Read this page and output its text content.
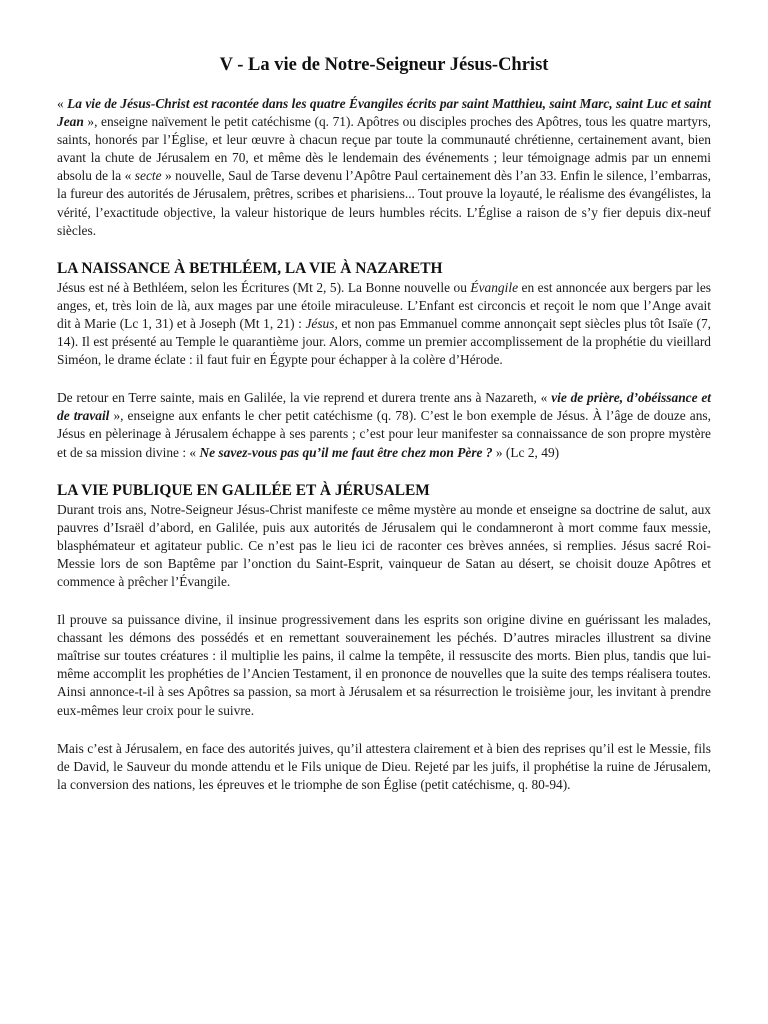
V - La vie de Notre-Seigneur Jésus-Christ

« La vie de Jésus-Christ est racontée dans les quatre Évangiles écrits par saint Matthieu, saint Marc, saint Luc et saint Jean », enseigne naïvement le petit catéchisme (q. 71). Apôtres ou disciples proches des Apôtres, tous les quatre martyrs, saints, honorés par l’Église, et leur œuvre à chacun reçue par toute la communauté chrétienne, certainement avant, bien avant la chute de Jérusalem en 70, et même dès le lendemain des événements ; leur témoignage admis par un ennemi absolu de la « secte » nouvelle, Saul de Tarse devenu l’Apôtre Paul certainement dès l’an 33. Enfin le silence, l’embarras, la fureur des autorités de Jérusalem, prêtres, scribes et pharisiens... Tout prouve la loyauté, le réalisme des évangélistes, la vérité, l’exactitude objective, la valeur historique de leurs humbles récits. L’Église a raison de s’y fier depuis dix-neuf siècles.

LA NAISSANCE À BETHLÉEM, LA VIE À NAZARETH

Jésus est né à Bethléem, selon les Écritures (Mt 2, 5). La Bonne nouvelle ou Évangile en est annoncée aux bergers par les anges, et, très loin de là, aux mages par une étoile miraculeuse. L’Enfant est circoncis et reçoit le nom que l’Ange avait dit à Marie (Lc 1, 31) et à Joseph (Mt 1, 21) : Jésus, et non pas Emmanuel comme annonçait sept siècles plus tôt Isaïe (7, 14). Il est présenté au Temple le quarantième jour. Alors, comme un premier accomplissement de la prophétie du vieillard Siméon, le drame éclate : il faut fuir en Égypte pour échapper à la colère d’Hérode.

De retour en Terre sainte, mais en Galilée, la vie reprend et durera trente ans à Nazareth, « vie de prière, d’obéissance et de travail », enseigne aux enfants le cher petit catéchisme (q. 78). C’est le bon exemple de Jésus. À l’âge de douze ans, Jésus en pèlerinage à Jérusalem échappe à ses parents ; c’est pour leur manifester sa connaissance de son propre mystère et de sa mission divine : « Ne savez-vous pas qu’il me faut être chez mon Père ? » (Lc 2, 49)

LA VIE PUBLIQUE EN GALILÉE ET À JÉRUSALEM

Durant trois ans, Notre-Seigneur Jésus-Christ manifeste ce même mystère au monde et enseigne sa doctrine de salut, aux pauvres d’Israël d’abord, en Galilée, puis aux autorités de Jérusalem qui le condamneront à mort comme faux messie, blasphémateur et agitateur public. Ce n’est pas le lieu ici de raconter ces brèves années, si remplies. Jésus sacré Roi-Messie lors de son Baptême par l’onction du Saint-Esprit, vainqueur de Satan au désert, se choisit douze Apôtres et commence à prêcher l’Évangile.

Il prouve sa puissance divine, il insinue progressivement dans les esprits son origine divine en guérissant les malades, chassant les démons des possédés et en remettant souverainement les péchés. D’autres miracles illustrent sa divine maîtrise sur toutes créatures : il multiplie les pains, il calme la tempête, il ressuscite des morts. Bien plus, tandis que lui-même accomplit les prophéties de l’Ancien Testament, il en prononce de nouvelles que la suite des temps réalisera toutes. Ainsi annonce-t-il à ses Apôtres sa passion, sa mort à Jérusalem et sa résurrection le troisième jour, les invitant à prendre eux-mêmes leur croix pour le suivre.

Mais c’est à Jérusalem, en face des autorités juives, qu’il attestera clairement et à bien des reprises qu’il est le Messie, fils de David, le Sauveur du monde attendu et le Fils unique de Dieu. Rejeté par les juifs, il prophétise la ruine de Jérusalem, la conversion des nations, les épreuves et le triomphe de son Église (petit catéchisme, q. 80-94).
